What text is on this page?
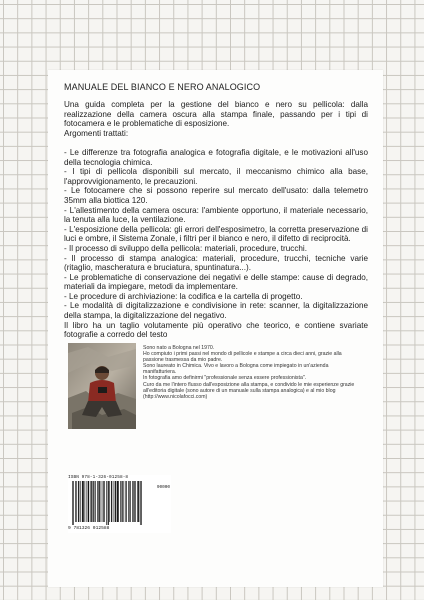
MANUALE DEL BIANCO E NERO ANALOGICO

Una guida completa per la gestione del bianco e nero su pellicola: dalla realizzazione della camera oscura alla stampa finale, passando per i tipi di fotocamera e le problematiche di esposizione.

Argomenti trattati:

- Le differenze tra fotografia analogica e fotografia digitale, e le motivazioni all'uso della tecnologia chimica.

- I tipi di pellicola disponibili sul mercato, il meccanismo chimico alla base, l'approvvigionamento, le precauzioni.

- Le fotocamere che si possono reperire sul mercato dell'usato: dalla telemetro 35mm alla biottica 120.

- L'allestimento della camera oscura: l'ambiente opportuno, il materiale necessario, la tenuta alla luce, la ventilazione.

- L'esposizione della pellicola: gli errori dell'esposimetro, la corretta preservazione di luci e ombre, il Sistema Zonale, i filtri per il bianco e nero, il difetto di reciprocità.

- Il processo di sviluppo della pellicola: materiali, procedure, trucchi.

- Il processo di stampa analogica: materiali, procedure, trucchi, tecniche varie (ritaglio, mascheratura e bruciatura, spuntinatura...).

- Le problematiche di conservazione dei negativi e delle stampe: cause di degrado, materiali da impiegare, metodi da implementare.

- Le procedure di archiviazione: la codifica e la cartella di progetto.

- Le modalità di digitalizzazione e condivisione in rete: scanner, la digitalizzazione della stampa, la digitalizzazione del negativo.

Il libro ha un taglio volutamente più operativo che teorico, e contiene svariate fotografie a corredo del testo

Sono nato a Bologna nel 1970.

Ho compiuto i primi passi nel mondo di pellicole e stampe a circa dieci anni, grazie alla passione trasmessa da mio padre.

Sono laureato in Chimica. Vivo e lavoro a Bologna come impiegato in un'azienda manifatturiera.

In fotografia amo definirmi "professionale senza essere professionista".

Curo da me l'intero flusso dall'esposizione alla stampa, e condivido le mie esperienze grazie all'editoria digitale (sono autore di un manuale sulla stampa analogica) e al mio blog (http://www.nicolafocci.com)

ISBN 978-1-326-01258-8
90000
9 781326 012588
